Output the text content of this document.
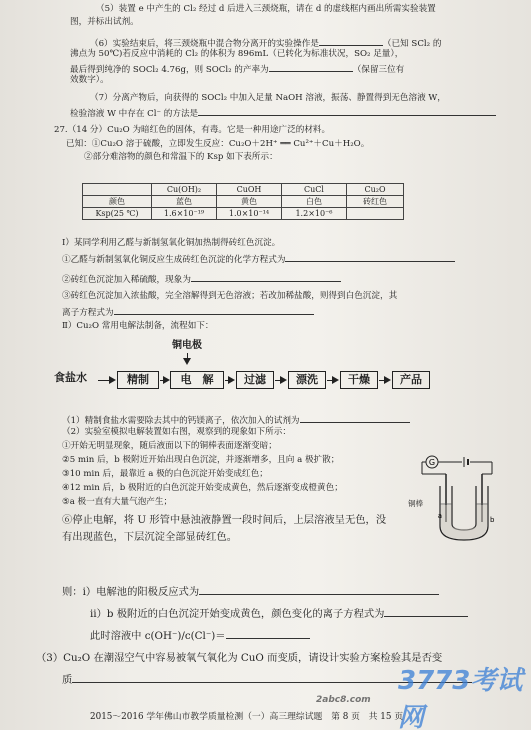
（5）装置 e 中产生的 Cl₂ 经过 d 后进入三颈烧瓶，请在 d 的虚线框内画出所需实验装置
图，并标出试剂。
（6）实验结束后，将三颈烧瓶中混合物分离开的实验操作是	（已知 SCl₂ 的
沸点为 50℃)若反应中消耗的 Cl₂ 的体积为 896mL（已转化为标准状况，SO₂ 足量），
最后得到纯净的 SOCl₂ 4.76g，则 SOCl₂ 的产率为	（保留三位有
效数字）。
（7）分离产物后，向获得的 SOCl₂ 中加入足量 NaOH 溶液，振荡、静置得到无色溶液 W，
检验溶液 W 中存在 Cl⁻ 的方法是
27.（14 分）Cu₂O 为暗红色的固体，有毒。它是一种用途广泛的材料。
已知：①Cu₂O 溶于硫酸，立即发生反应：Cu₂O＋2H⁺ ══ Cu²⁺＋Cu＋H₂O。
②部分难溶物的颜色和常温下的 Ksp 如下表所示：
	Cu(OH)₂	CuOH	CuCl	Cu₂O
颜色	蓝色	黄色	白色	砖红色
Ksp(25 ℃)	1.6×10⁻¹⁹	1.0×10⁻¹⁴	1.2×10⁻⁶	
Ⅰ）某同学利用乙醛与新制氢氧化铜加热制得砖红色沉淀。
①乙醛与新制氢氧化铜反应生成砖红色沉淀的化学方程式为
②砖红色沉淀加入稀硫酸，现象为
③砖红色沉淀加入浓盐酸，完全溶解得到无色溶液；若改加稀盐酸，则得到白色沉淀，其
离子方程式为
Ⅱ）Cu₂O 常用电解法制备，流程如下：
铜电极
食盐水	精制	电　解	过滤	漂洗	干燥	产品
（1）精制食盐水需要除去其中的钙镁离子，依次加入的试剂为
（2）实验室模拟电解装置如右图，观察到的现象如下所示：
①开始无明显现象，随后液面以下的铜棒表面逐渐变暗；
②5 min 后，b 极附近开始出现白色沉淀，并逐渐增多，且向 a 极扩散；
③10 min 后，最靠近 a 极的白色沉淀开始变成红色；
④12 min 后，b 极附近的白色沉淀开始变成黄色，然后逐渐变成橙黄色；
⑤a 极一直有大量气泡产生；
⑥停止电解，将 U 形管中悬浊液静置一段时间后，上层溶液呈无色，没
有出现蓝色，下层沉淀全部显砖红色。
G
a	b
铜棒
则：ⅰ）电解池的阳极反应式为
ⅱ）b 极附近的白色沉淀开始变成黄色，颜色变化的离子方程式为
此时溶液中 c(OH⁻)/c(Cl⁻)＝
（3）Cu₂O 在潮湿空气中容易被氧气氧化为 CuO 而变质，请设计实验方案检验其是否变
质	3773考试网
2abc8.com
2015～2016 学年佛山市教学质量检测（一）高三理综试题　第 8 页　共 15 页
